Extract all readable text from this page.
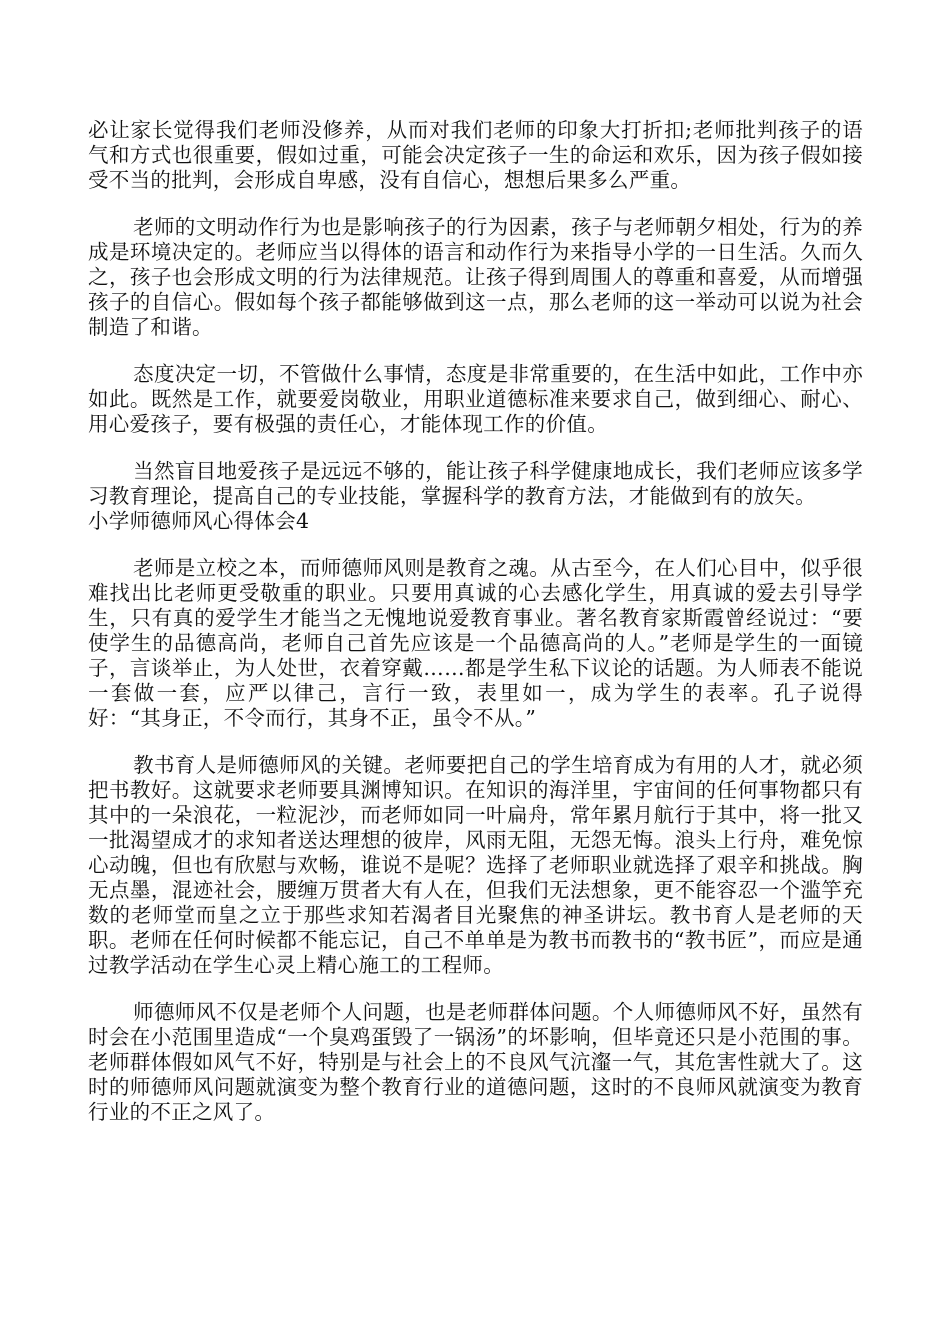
必让家长觉得我们老师没修养，从而对我们老师的印象大打折扣;老师批判孩子的语气和方式也很重要，假如过重，可能会决定孩子一生的命运和欢乐，因为孩子假如接受不当的批判，会形成自卑感，没有自信心，想想后果多么严重。

老师的文明动作行为也是影响孩子的行为因素，孩子与老师朝夕相处，行为的养成是环境决定的。老师应当以得体的语言和动作行为来指导小学的一日生活。久而久之，孩子也会形成文明的行为法律规范。让孩子得到周围人的尊重和喜爱，从而增强孩子的自信心。假如每个孩子都能够做到这一点，那么老师的这一举动可以说为社会制造了和谐。

态度决定一切，不管做什么事情，态度是非常重要的，在生活中如此，工作中亦如此。既然是工作，就要爱岗敬业，用职业道德标准来要求自己，做到细心、耐心、用心爱孩子，要有极强的责任心，才能体现工作的价值。

当然盲目地爱孩子是远远不够的，能让孩子科学健康地成长，我们老师应该多学习教育理论，提高自己的专业技能，掌握科学的教育方法，才能做到有的放矢。

小学师德师风心得体会4

老师是立校之本，而师德师风则是教育之魂。从古至今，在人们心目中，似乎很难找出比老师更受敬重的职业。只要用真诚的心去感化学生，用真诚的爱去引导学生，只有真的爱学生才能当之无愧地说爱教育事业。著名教育家斯霞曾经说过：“要使学生的品德高尚，老师自己首先应该是一个品德高尚的人。”老师是学生的一面镜子，言谈举止，为人处世，衣着穿戴……都是学生私下议论的话题。为人师表不能说一套做一套，应严以律己，言行一致，表里如一，成为学生的表率。孔子说得好：“其身正，不令而行，其身不正，虽令不从。”

教书育人是师德师风的关键。老师要把自己的学生培育成为有用的人才，就必须把书教好。这就要求老师要具渊博知识。在知识的海洋里，宇宙间的任何事物都只有其中的一朵浪花，一粒泥沙，而老师如同一叶扁舟，常年累月航行于其中，将一批又一批渴望成才的求知者送达理想的彼岸，风雨无阻，无怨无悔。浪头上行舟，难免惊心动魄，但也有欣慰与欢畅，谁说不是呢？选择了老师职业就选择了艰辛和挑战。胸无点墨，混迹社会，腰缠万贯者大有人在，但我们无法想象，更不能容忍一个滥竽充数的老师堂而皇之立于那些求知若渴者目光聚焦的神圣讲坛。教书育人是老师的天职。老师在任何时候都不能忘记，自己不单单是为教书而教书的“教书匠”，而应是通过教学活动在学生心灵上精心施工的工程师。

师德师风不仅是老师个人问题，也是老师群体问题。个人师德师风不好，虽然有时会在小范围里造成“一个臭鸡蛋毁了一锅汤”的坏影响，但毕竟还只是小范围的事。老师群体假如风气不好，特别是与社会上的不良风气沆瀣一气，其危害性就大了。这时的师德师风问题就演变为整个教育行业的道德问题，这时的不良师风就演变为教育行业的不正之风了。
